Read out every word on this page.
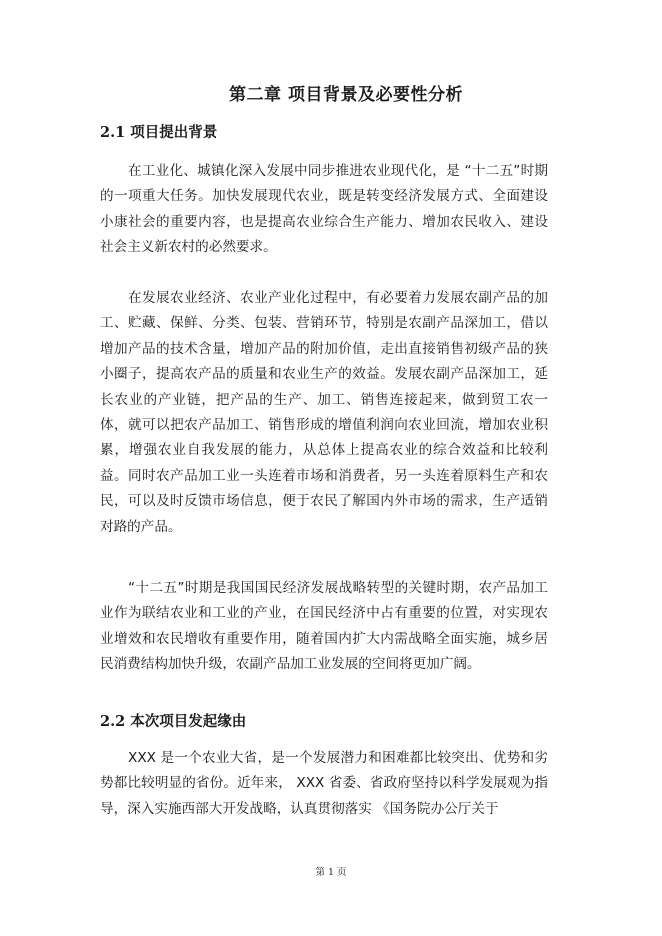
第二章 项目背景及必要性分析
2.1 项目提出背景

在工业化、城镇化深入发展中同步推进农业现代化，是 “十二五”时期的一项重大任务。加快发展现代农业，既是转变经济发展方式、全面建设小康社会的重要内容，也是提高农业综合生产能力、增加农民收入、建设社会主义新农村的必然要求。

在发展农业经济、农业产业化过程中，有必要着力发展农副产品的加工、贮藏、保鲜、分类、包装、营销环节，特别是农副产品深加工，借以增加产品的技术含量，增加产品的附加价值，走出直接销售初级产品的狭小圈子，提高农产品的质量和农业生产的效益。发展农副产品深加工，延长农业的产业链，把产品的生产、加工、销售连接起来，做到贸工农一体，就可以把农产品加工、销售形成的增值利润向农业回流，增加农业积累，增强农业自我发展的能力，从总体上提高农业的综合效益和比较利益。同时农产品加工业一头连着市场和消费者，另一头连着原料生产和农民，可以及时反馈市场信息，便于农民了解国内外市场的需求，生产适销对路的产品。

“十二五”时期是我国国民经济发展战略转型的关键时期，农产品加工业作为联结农业和工业的产业，在国民经济中占有重要的位置，对实现农业增效和农民增收有重要作用，随着国内扩大内需战略全面实施，城乡居民消费结构加快升级，农副产品加工业发展的空间将更加广阔。

2.2 本次项目发起缘由

XXX 是一个农业大省，是一个发展潜力和困难都比较突出、优势和劣势都比较明显的省份。近年来， XXX 省委、省政府坚持以科学发展观为指导，深入实施西部大开发战略，认真贯彻落实 《国务院办公厅关于

第 1 页
